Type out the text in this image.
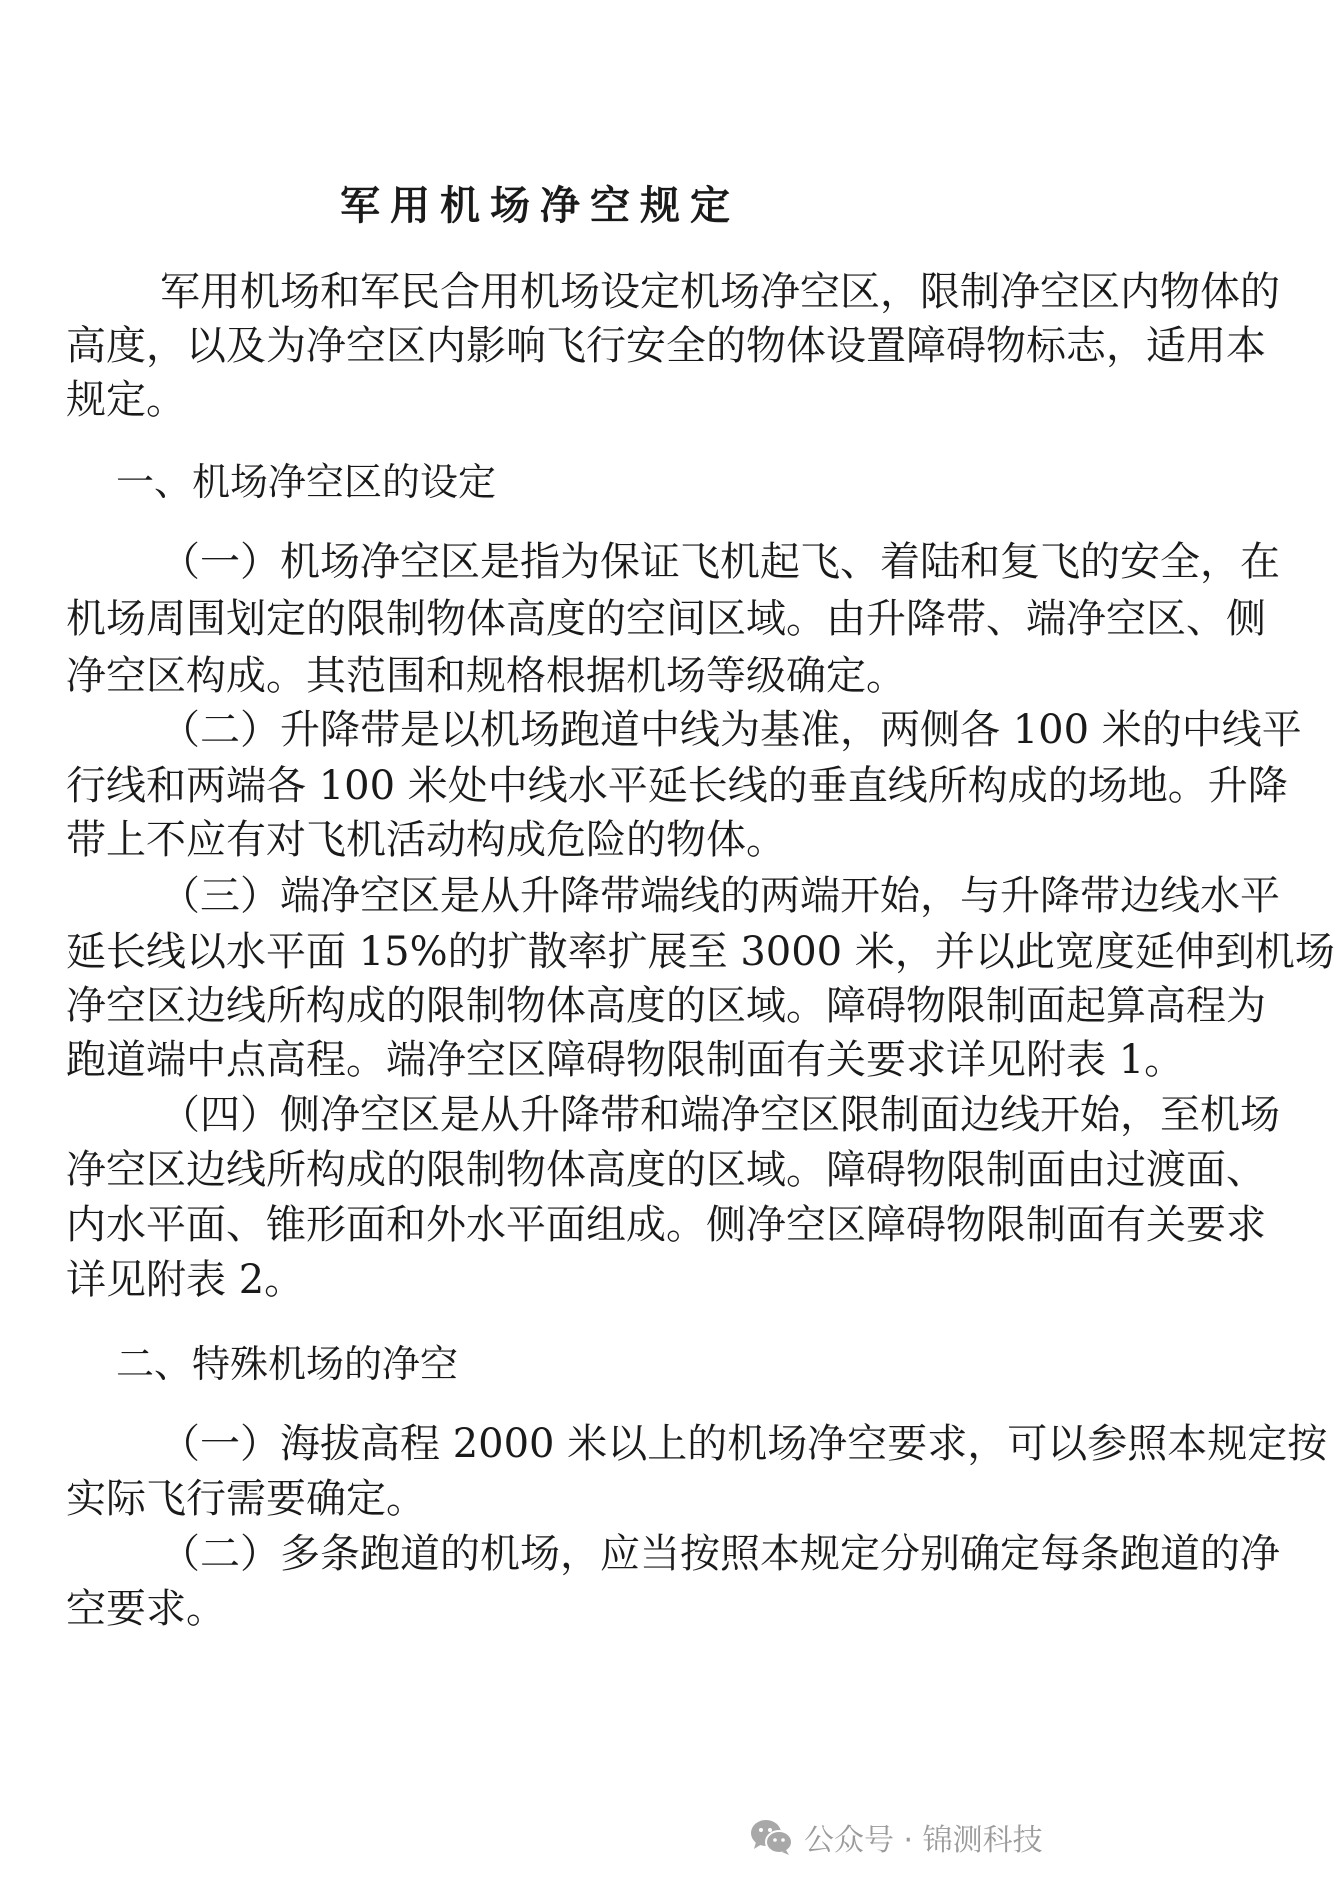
军用机场净空规定
军用机场和军民合用机场设定机场净空区，限制净空区内物体的
高度，以及为净空区内影响飞行安全的物体设置障碍物标志，适用本
规定。
一、机场净空区的设定
（一）机场净空区是指为保证飞机起飞、着陆和复飞的安全，在
机场周围划定的限制物体高度的空间区域。由升降带、端净空区、侧
净空区构成。其范围和规格根据机场等级确定。
（二）升降带是以机场跑道中线为基准，两侧各 100 米的中线平
行线和两端各 100 米处中线水平延长线的垂直线所构成的场地。升降
带上不应有对飞机活动构成危险的物体。
（三）端净空区是从升降带端线的两端开始，与升降带边线水平
延长线以水平面 15%的扩散率扩展至 3000 米，并以此宽度延伸到机场
净空区边线所构成的限制物体高度的区域。障碍物限制面起算高程为
跑道端中点高程。端净空区障碍物限制面有关要求详见附表 1。
（四）侧净空区是从升降带和端净空区限制面边线开始，至机场
净空区边线所构成的限制物体高度的区域。障碍物限制面由过渡面、
内水平面、锥形面和外水平面组成。侧净空区障碍物限制面有关要求
详见附表 2。
二、特殊机场的净空
（一）海拔高程 2000 米以上的机场净空要求，可以参照本规定按
实际飞行需要确定。
（二）多条跑道的机场，应当按照本规定分别确定每条跑道的净
空要求。
公众号 · 锦测科技
